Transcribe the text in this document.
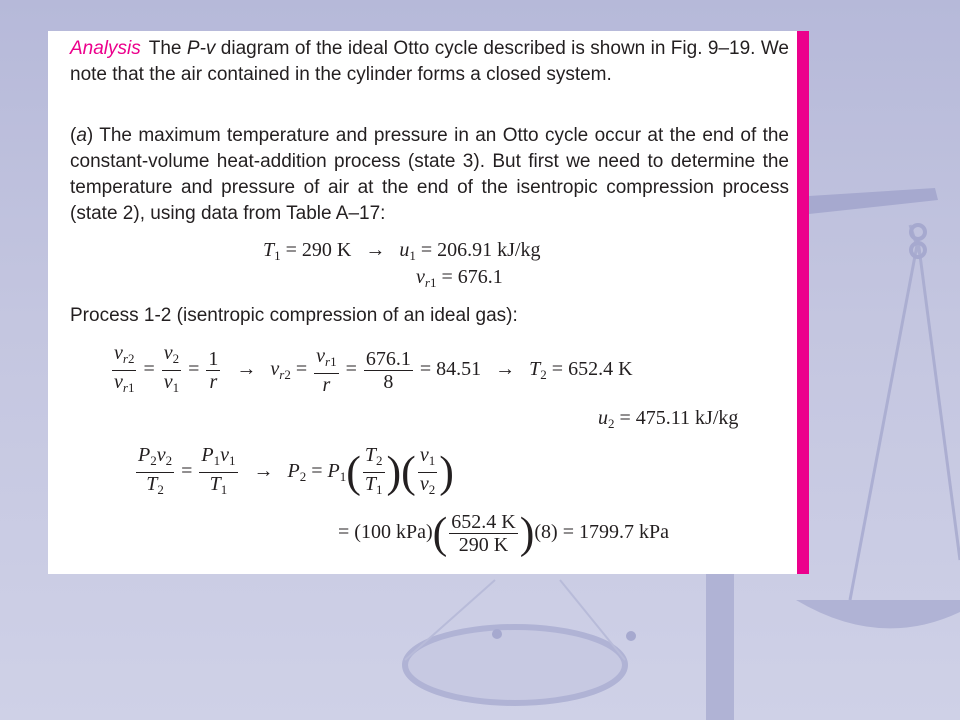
Analysis The P-v diagram of the ideal Otto cycle described is shown in Fig. 9–19. We note that the air contained in the cylinder forms a closed system.

(a) The maximum temperature and pressure in an Otto cycle occur at the end of the constant-volume heat-addition process (state 3). But first we need to determine the temperature and pressure of air at the end of the isentropic compression process (state 2), using data from Table A–17:

$T_1 = 290$ $K \to u_1 = 206.91$ kJ/kg
$v_{r1} = 676.1$

Process 1-2 (isentropic compression of an ideal gas):

$\frac{v_{r2}}{v_{r1}} = \frac{v_2}{v_1} = \frac{1}{r} \to v_{r2} = \frac{v_{r1}}{r} = \frac{676.1}{8} = 84.51 \to T_2 = 652.4$ K
$u_2 = 475.11$ kJ/kg
$\frac{P_2v_2}{T_2} = \frac{P_1v_1}{T_1} \to P_2 = P_1( \frac{T_2}{T_1}$ )( $\frac{v_1}{v_2}$ )
= (100 $kPa)( \frac{652.4 K}{290 K} )(8) = 1799.7$ kPa
